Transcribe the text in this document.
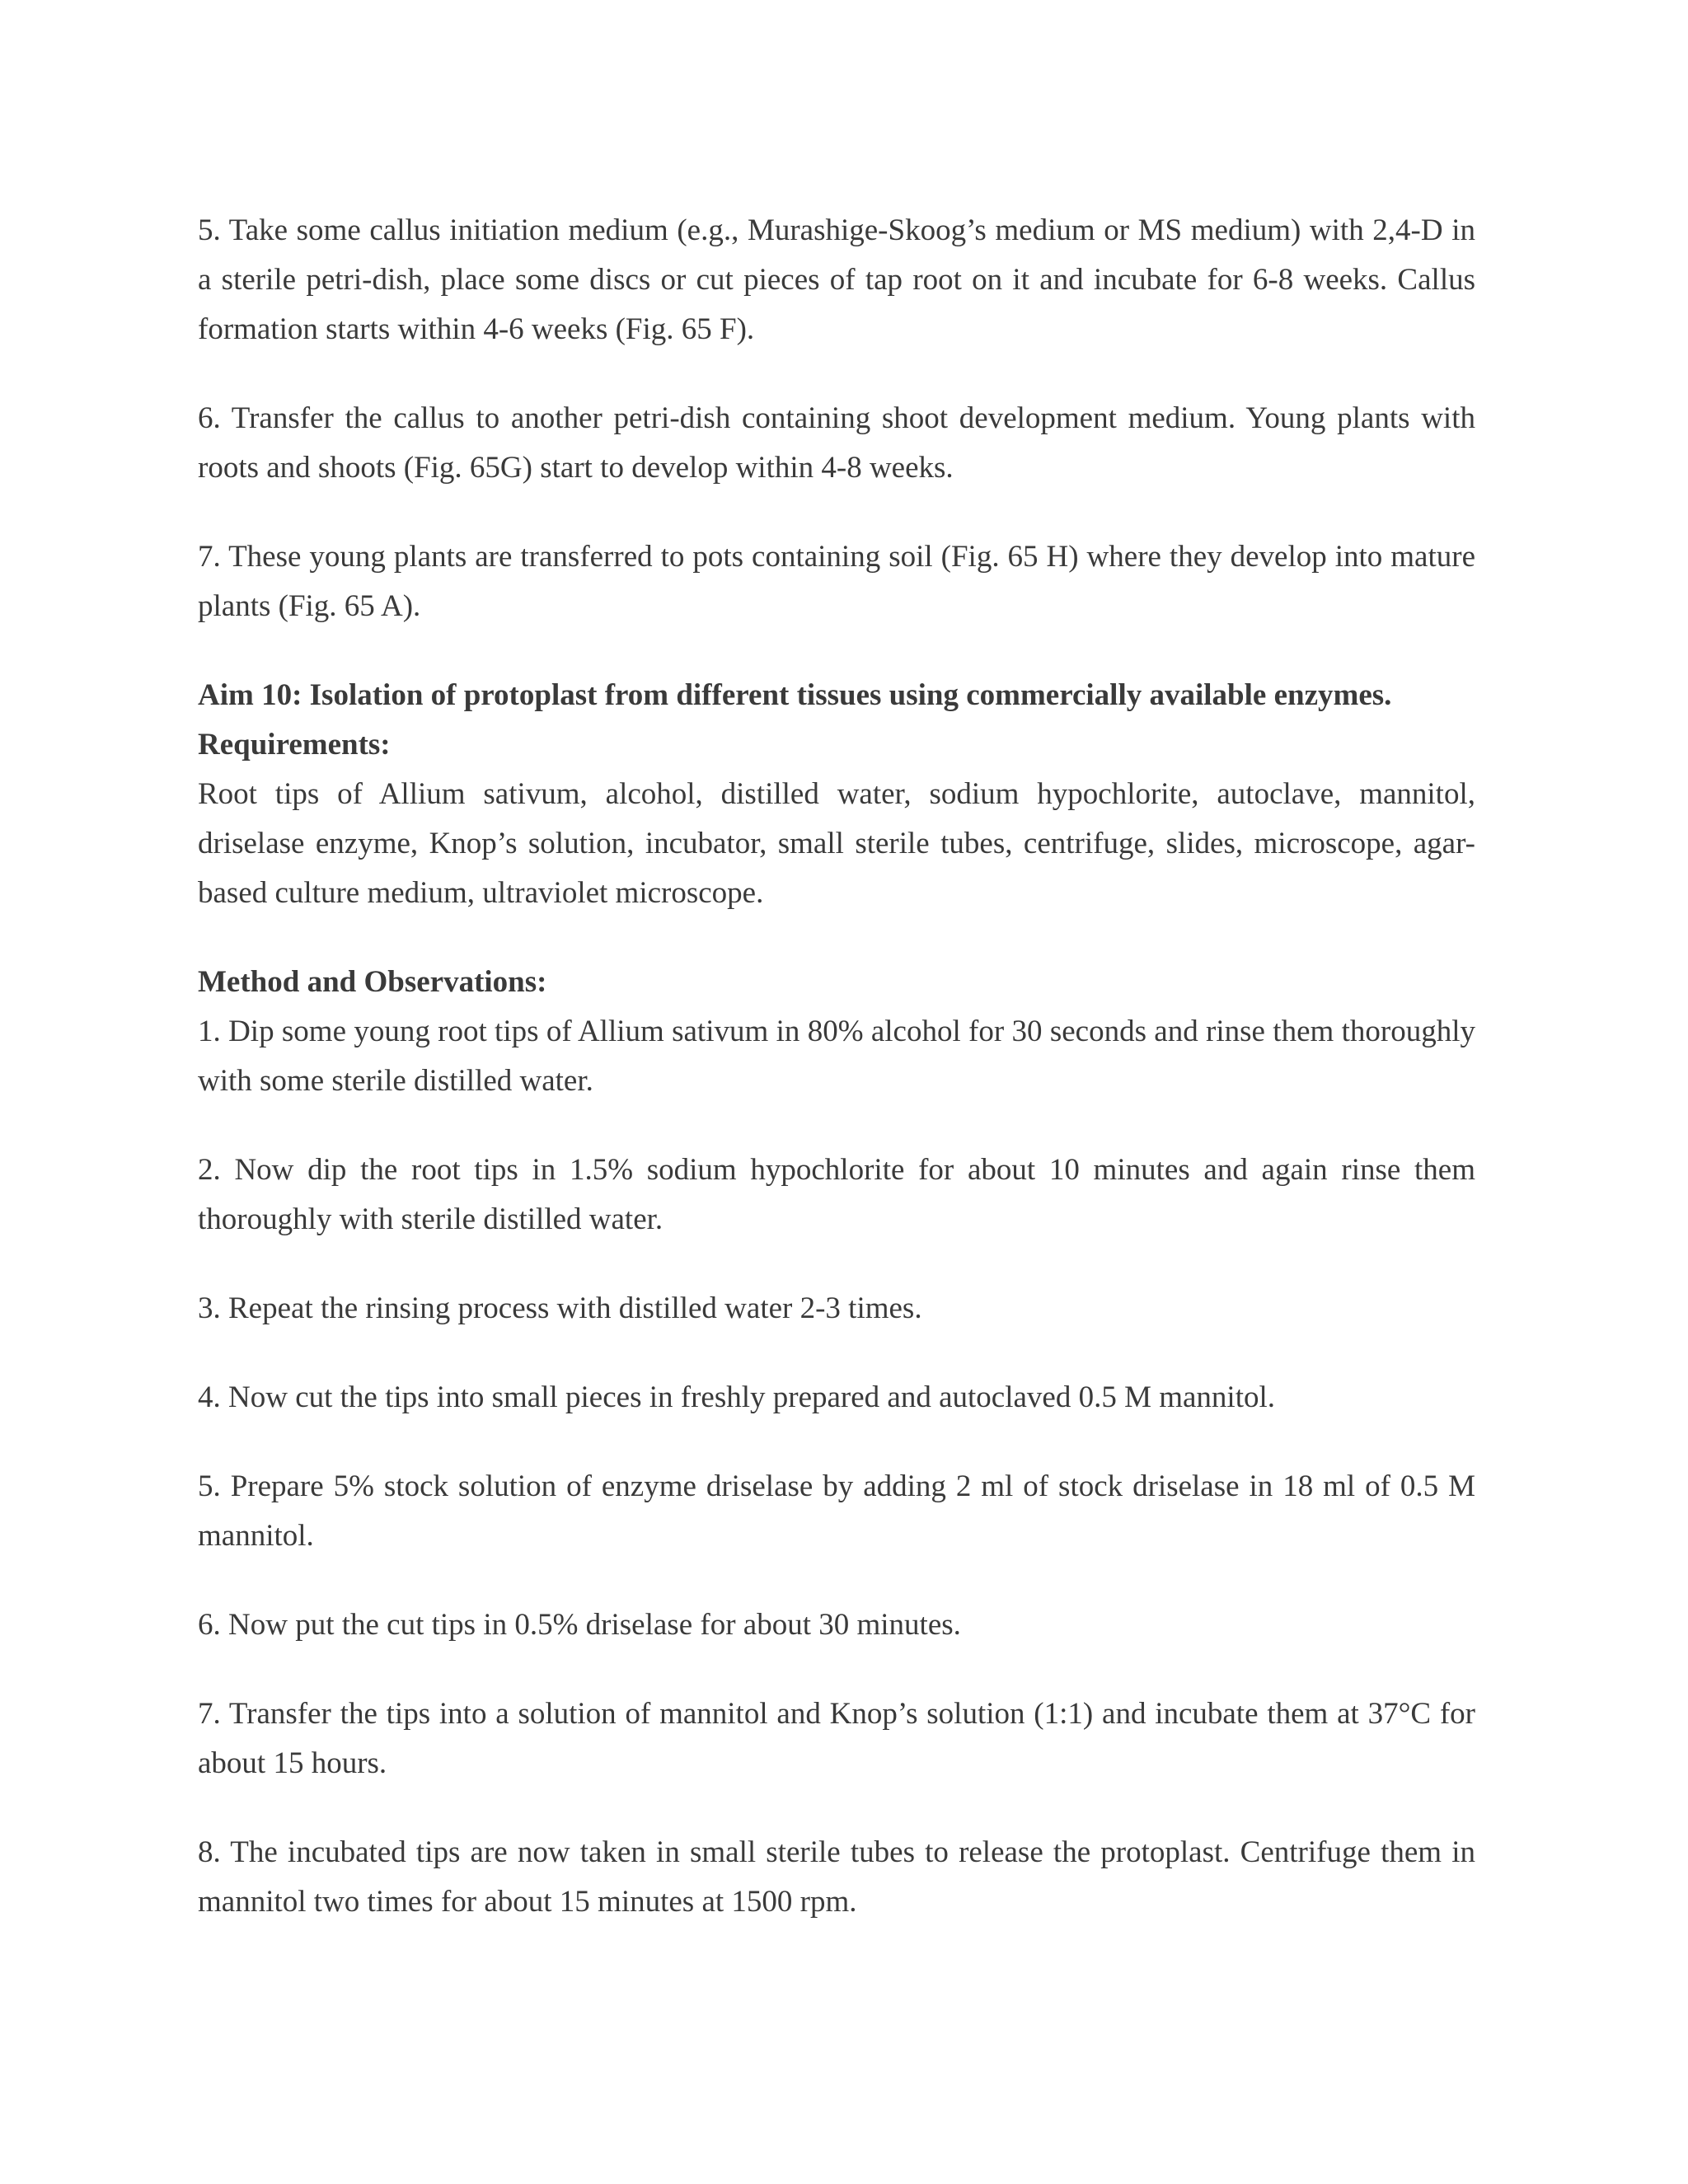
5. Take some callus initiation medium (e.g., Murashige-Skoog’s medium or MS medium) with 2,4-D in a sterile petri-dish, place some discs or cut pieces of tap root on it and incubate for 6-8 weeks. Callus formation starts within 4-6 weeks (Fig. 65 F).

6. Transfer the callus to another petri-dish containing shoot development medium. Young plants with roots and shoots (Fig. 65G) start to develop within 4-8 weeks.

7. These young plants are transferred to pots containing soil (Fig. 65 H) where they develop into mature plants (Fig. 65 A).

Aim 10: Isolation of protoplast from different tissues using commercially available enzymes.

Requirements:

Root tips of Allium sativum, alcohol, distilled water, sodium hypochlorite, autoclave, mannitol, driselase enzyme, Knop’s solution, incubator, small sterile tubes, centrifuge, slides, microscope, agar- based culture medium, ultraviolet microscope.

Method and Observations:

1. Dip some young root tips of Allium sativum in 80% alcohol for 30 seconds and rinse them thoroughly with some sterile distilled water.

2. Now dip the root tips in 1.5% sodium hypochlorite for about 10 minutes and again rinse them thoroughly with sterile distilled water.

3. Repeat the rinsing process with distilled water 2-3 times.

4. Now cut the tips into small pieces in freshly prepared and autoclaved 0.5 M mannitol.

5. Prepare 5% stock solution of enzyme driselase by adding 2 ml of stock driselase in 18 ml of 0.5 M mannitol.

6. Now put the cut tips in 0.5% driselase for about 30 minutes.

7. Transfer the tips into a solution of mannitol and Knop’s solution (1:1) and incubate them at 37°C for about 15 hours.

8. The incubated tips are now taken in small sterile tubes to release the protoplast. Centrifuge them in mannitol two times for about 15 minutes at 1500 rpm.
